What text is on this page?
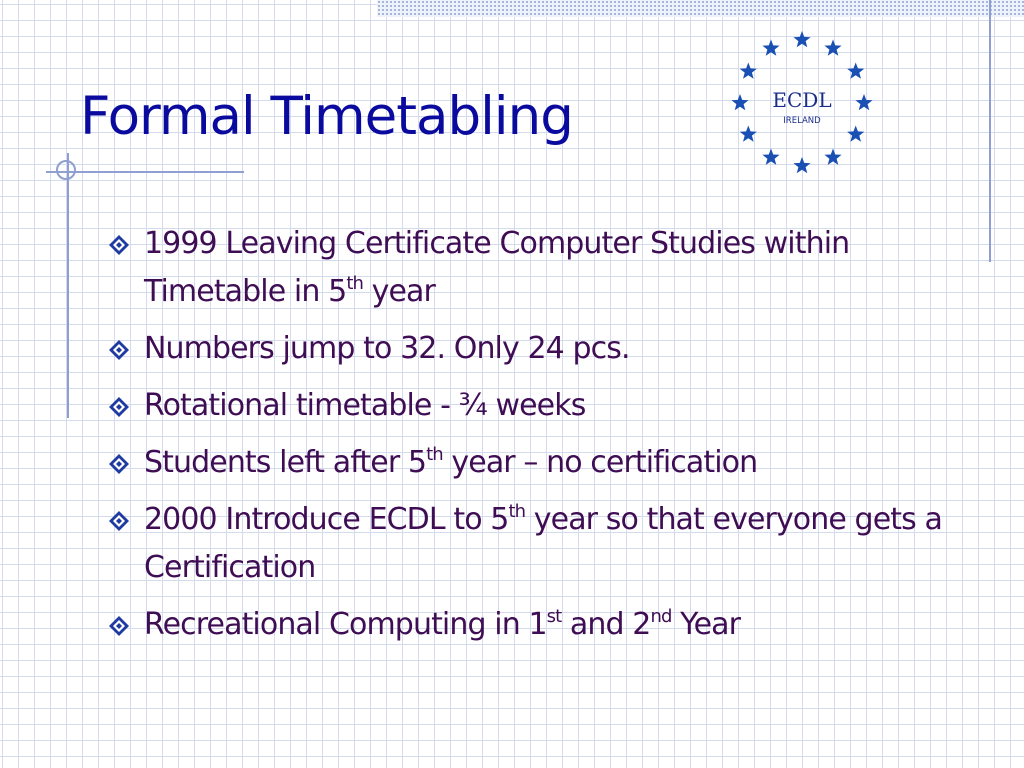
Formal Timetabling	ECDL
IRELAND
1999 Leaving Certificate Computer Studies within Timetable in 5th year
Numbers jump to 32. Only 24 pcs.
Rotational timetable - ¾ weeks
Students left after 5th year – no certification
2000 Introduce ECDL to 5th year so that everyone gets a Certification
Recreational Computing in 1st and 2nd Year
